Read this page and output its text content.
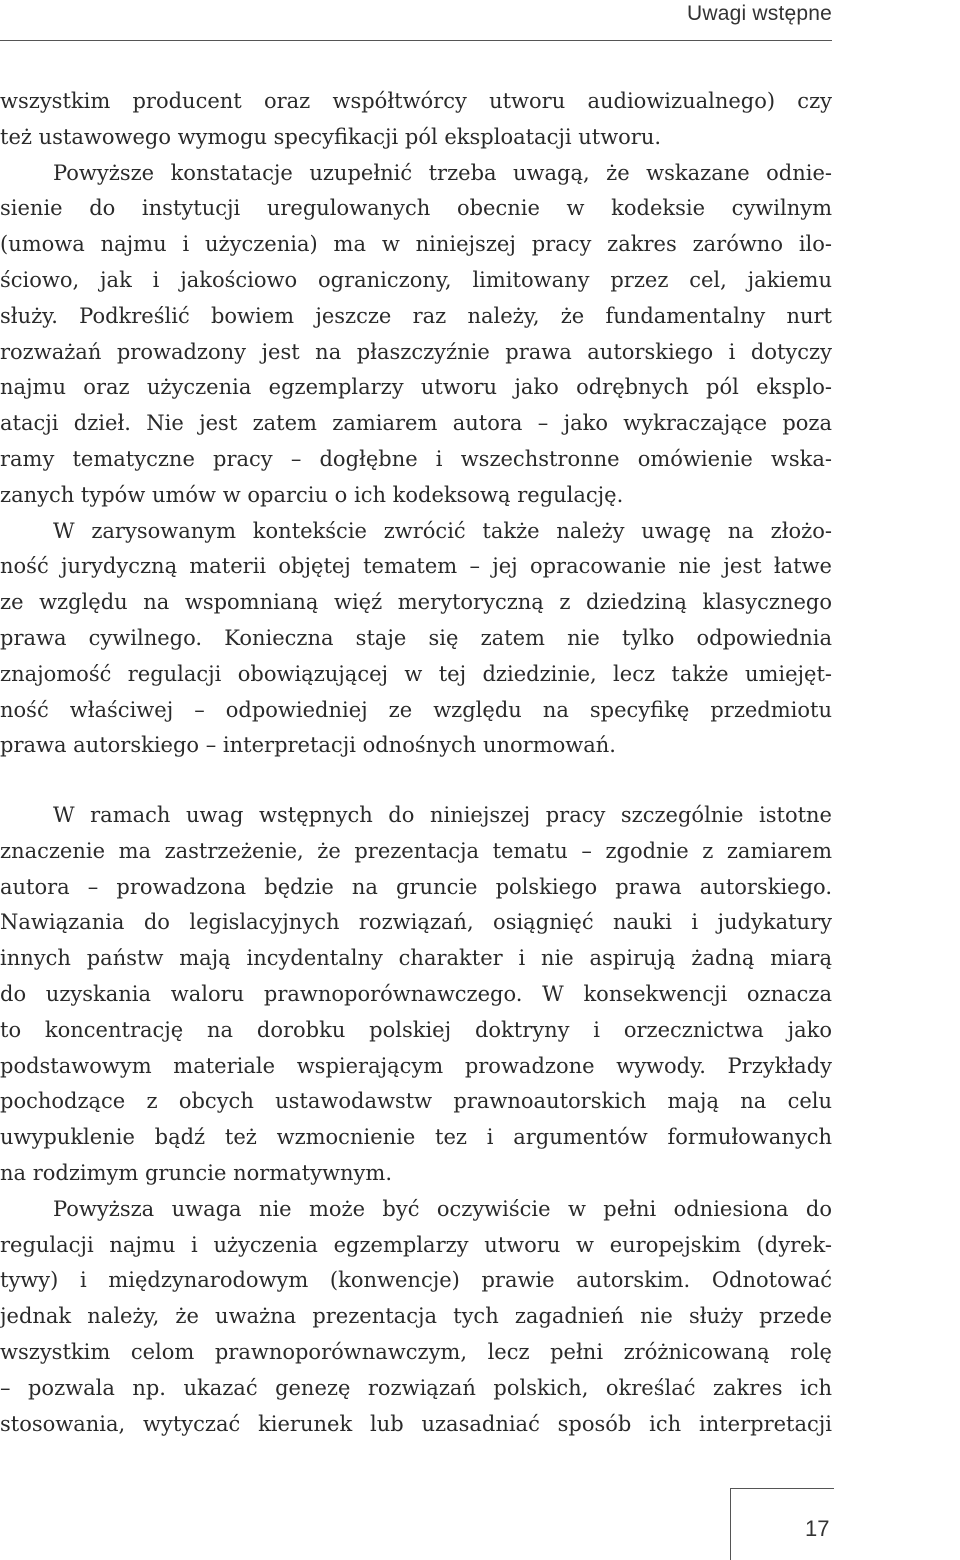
Uwagi wstępne
wszystkim producent oraz współtwórcy utworu audiowizualnego) czy
też ustawowego wymogu specyfikacji pól eksploatacji utworu.
Powyższe konstatacje uzupełnić trzeba uwagą, że wskazane odnie-
sienie do instytucji uregulowanych obecnie w kodeksie cywilnym
(umowa najmu i użyczenia) ma w niniejszej pracy zakres zarówno ilo-
ściowo, jak i jakościowo ograniczony, limitowany przez cel, jakiemu
służy. Podkreślić bowiem jeszcze raz należy, że fundamentalny nurt
rozważań prowadzony jest na płaszczyźnie prawa autorskiego i dotyczy
najmu oraz użyczenia egzemplarzy utworu jako odrębnych pól eksplo-
atacji dzieł. Nie jest zatem zamiarem autora – jako wykraczające poza
ramy tematyczne pracy – dogłębne i wszechstronne omówienie wska-
zanych typów umów w oparciu o ich kodeksową regulację.
W zarysowanym kontekście zwrócić także należy uwagę na złożo-
ność jurydyczną materii objętej tematem – jej opracowanie nie jest łatwe
ze względu na wspomnianą więź merytoryczną z dziedziną klasycznego
prawa cywilnego. Konieczna staje się zatem nie tylko odpowiednia
znajomość regulacji obowiązującej w tej dziedzinie, lecz także umiejęt-
ność właściwej – odpowiedniej ze względu na specyfikę przedmiotu
prawa autorskiego – interpretacji odnośnych unormowań.
W ramach uwag wstępnych do niniejszej pracy szczególnie istotne
znaczenie ma zastrzeżenie, że prezentacja tematu – zgodnie z zamiarem
autora – prowadzona będzie na gruncie polskiego prawa autorskiego.
Nawiązania do legislacyjnych rozwiązań, osiągnięć nauki i judykatury
innych państw mają incydentalny charakter i nie aspirują żadną miarą
do uzyskania waloru prawnoporównawczego. W konsekwencji oznacza
to koncentrację na dorobku polskiej doktryny i orzecznictwa jako
podstawowym materiale wspierającym prowadzone wywody. Przykłady
pochodzące z obcych ustawodawstw prawnoautorskich mają na celu
uwypuklenie bądź też wzmocnienie tez i argumentów formułowanych
na rodzimym gruncie normatywnym.
Powyższa uwaga nie może być oczywiście w pełni odniesiona do
regulacji najmu i użyczenia egzemplarzy utworu w europejskim (dyrek-
tywy) i międzynarodowym (konwencje) prawie autorskim. Odnotować
jednak należy, że uważna prezentacja tych zagadnień nie służy przede
wszystkim celom prawnoporównawczym, lecz pełni zróżnicowaną rolę
– pozwala np. ukazać genezę rozwiązań polskich, określać zakres ich
stosowania, wytyczać kierunek lub uzasadniać sposób ich interpretacji
17
